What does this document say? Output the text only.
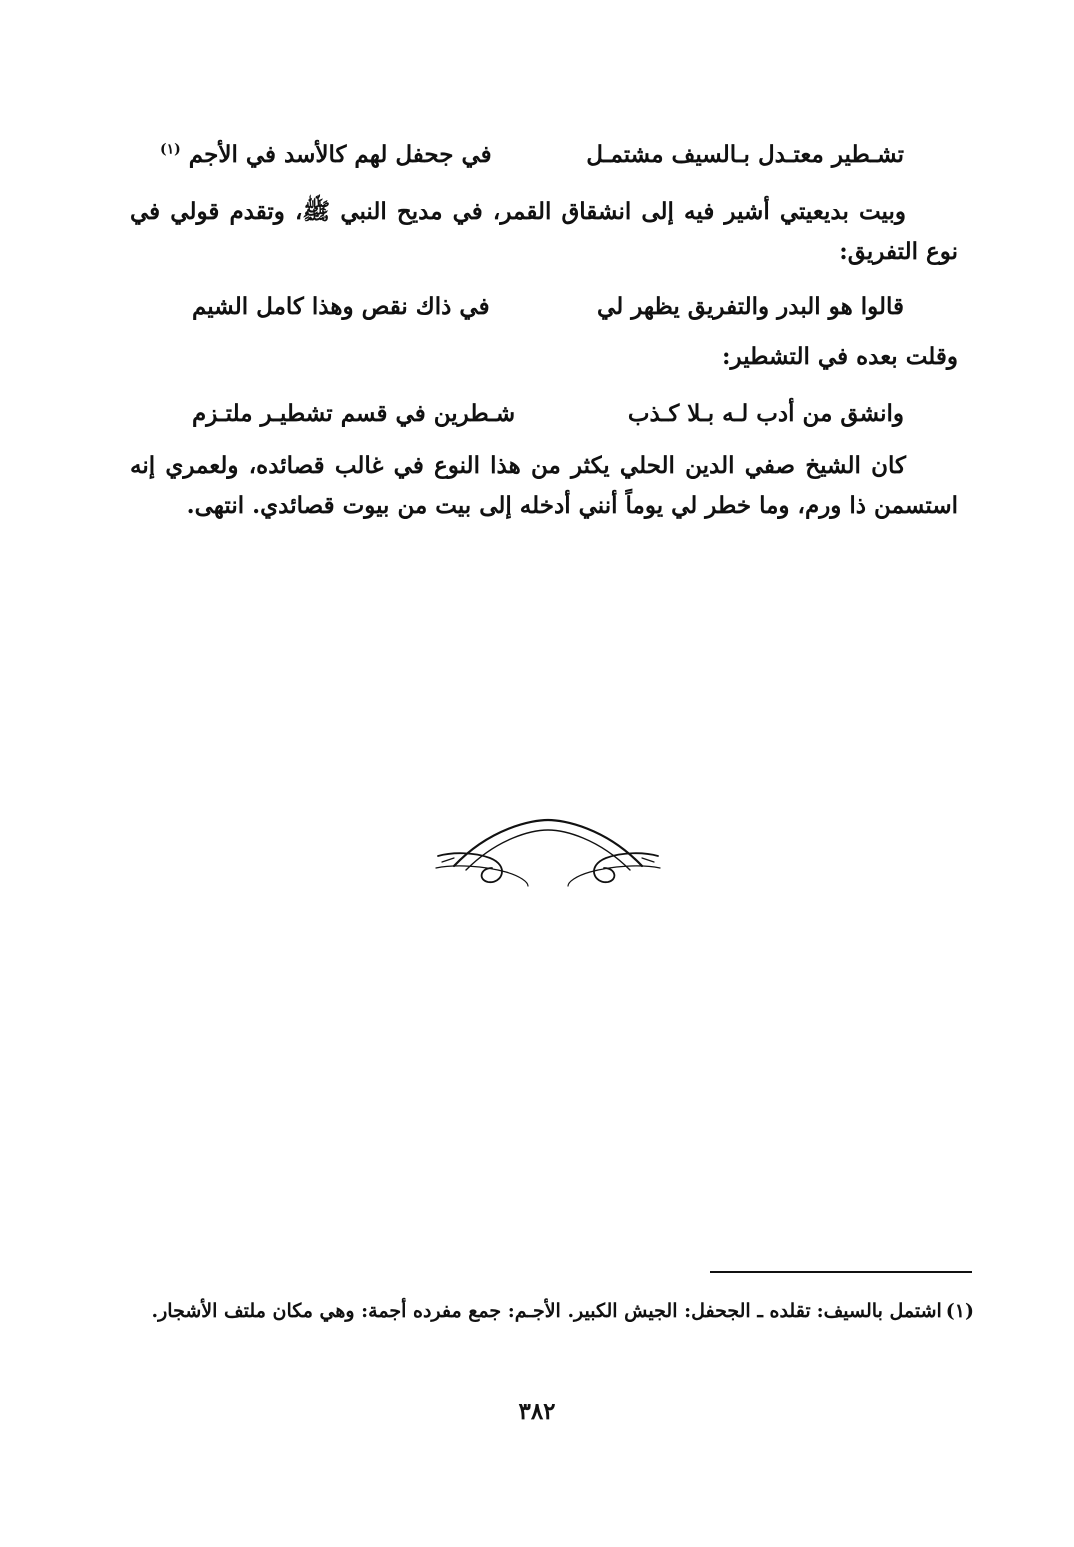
تشـطير معتـدل بـالسيف مشتمـل
في جحفل لهم كالأسد في الأجم $^{(١)}$

وبيت بديعيتي أشير فيه إلى انشقاق القمر، في مديح النبي ﷺ، وتقدم قولي في نوع التفريق:

قالوا هو البدر والتفريق يظهر لي
في ذاك نقص وهذا كامل الشيم

وقلت بعده في التشطير:

وانشق من أدب لـه بـلا كـذب
شـطرين في قسم تشطيـر ملتـزم

كان الشيخ صفي الدين الحلي يكثر من هذا النوع في غالب قصائده، ولعمري إنه استسمن ذا ورم، وما خطر لي يوماً أنني أدخله إلى بيت من بيوت قصائدي. انتهى.

(١)اشتمل بالسيف:تقلده ـ الجحفل: الجيش الكبير. الأجـم: جمع مفرده أجمة: وهي مكان ملتف الأشجار.
٣٨٢
